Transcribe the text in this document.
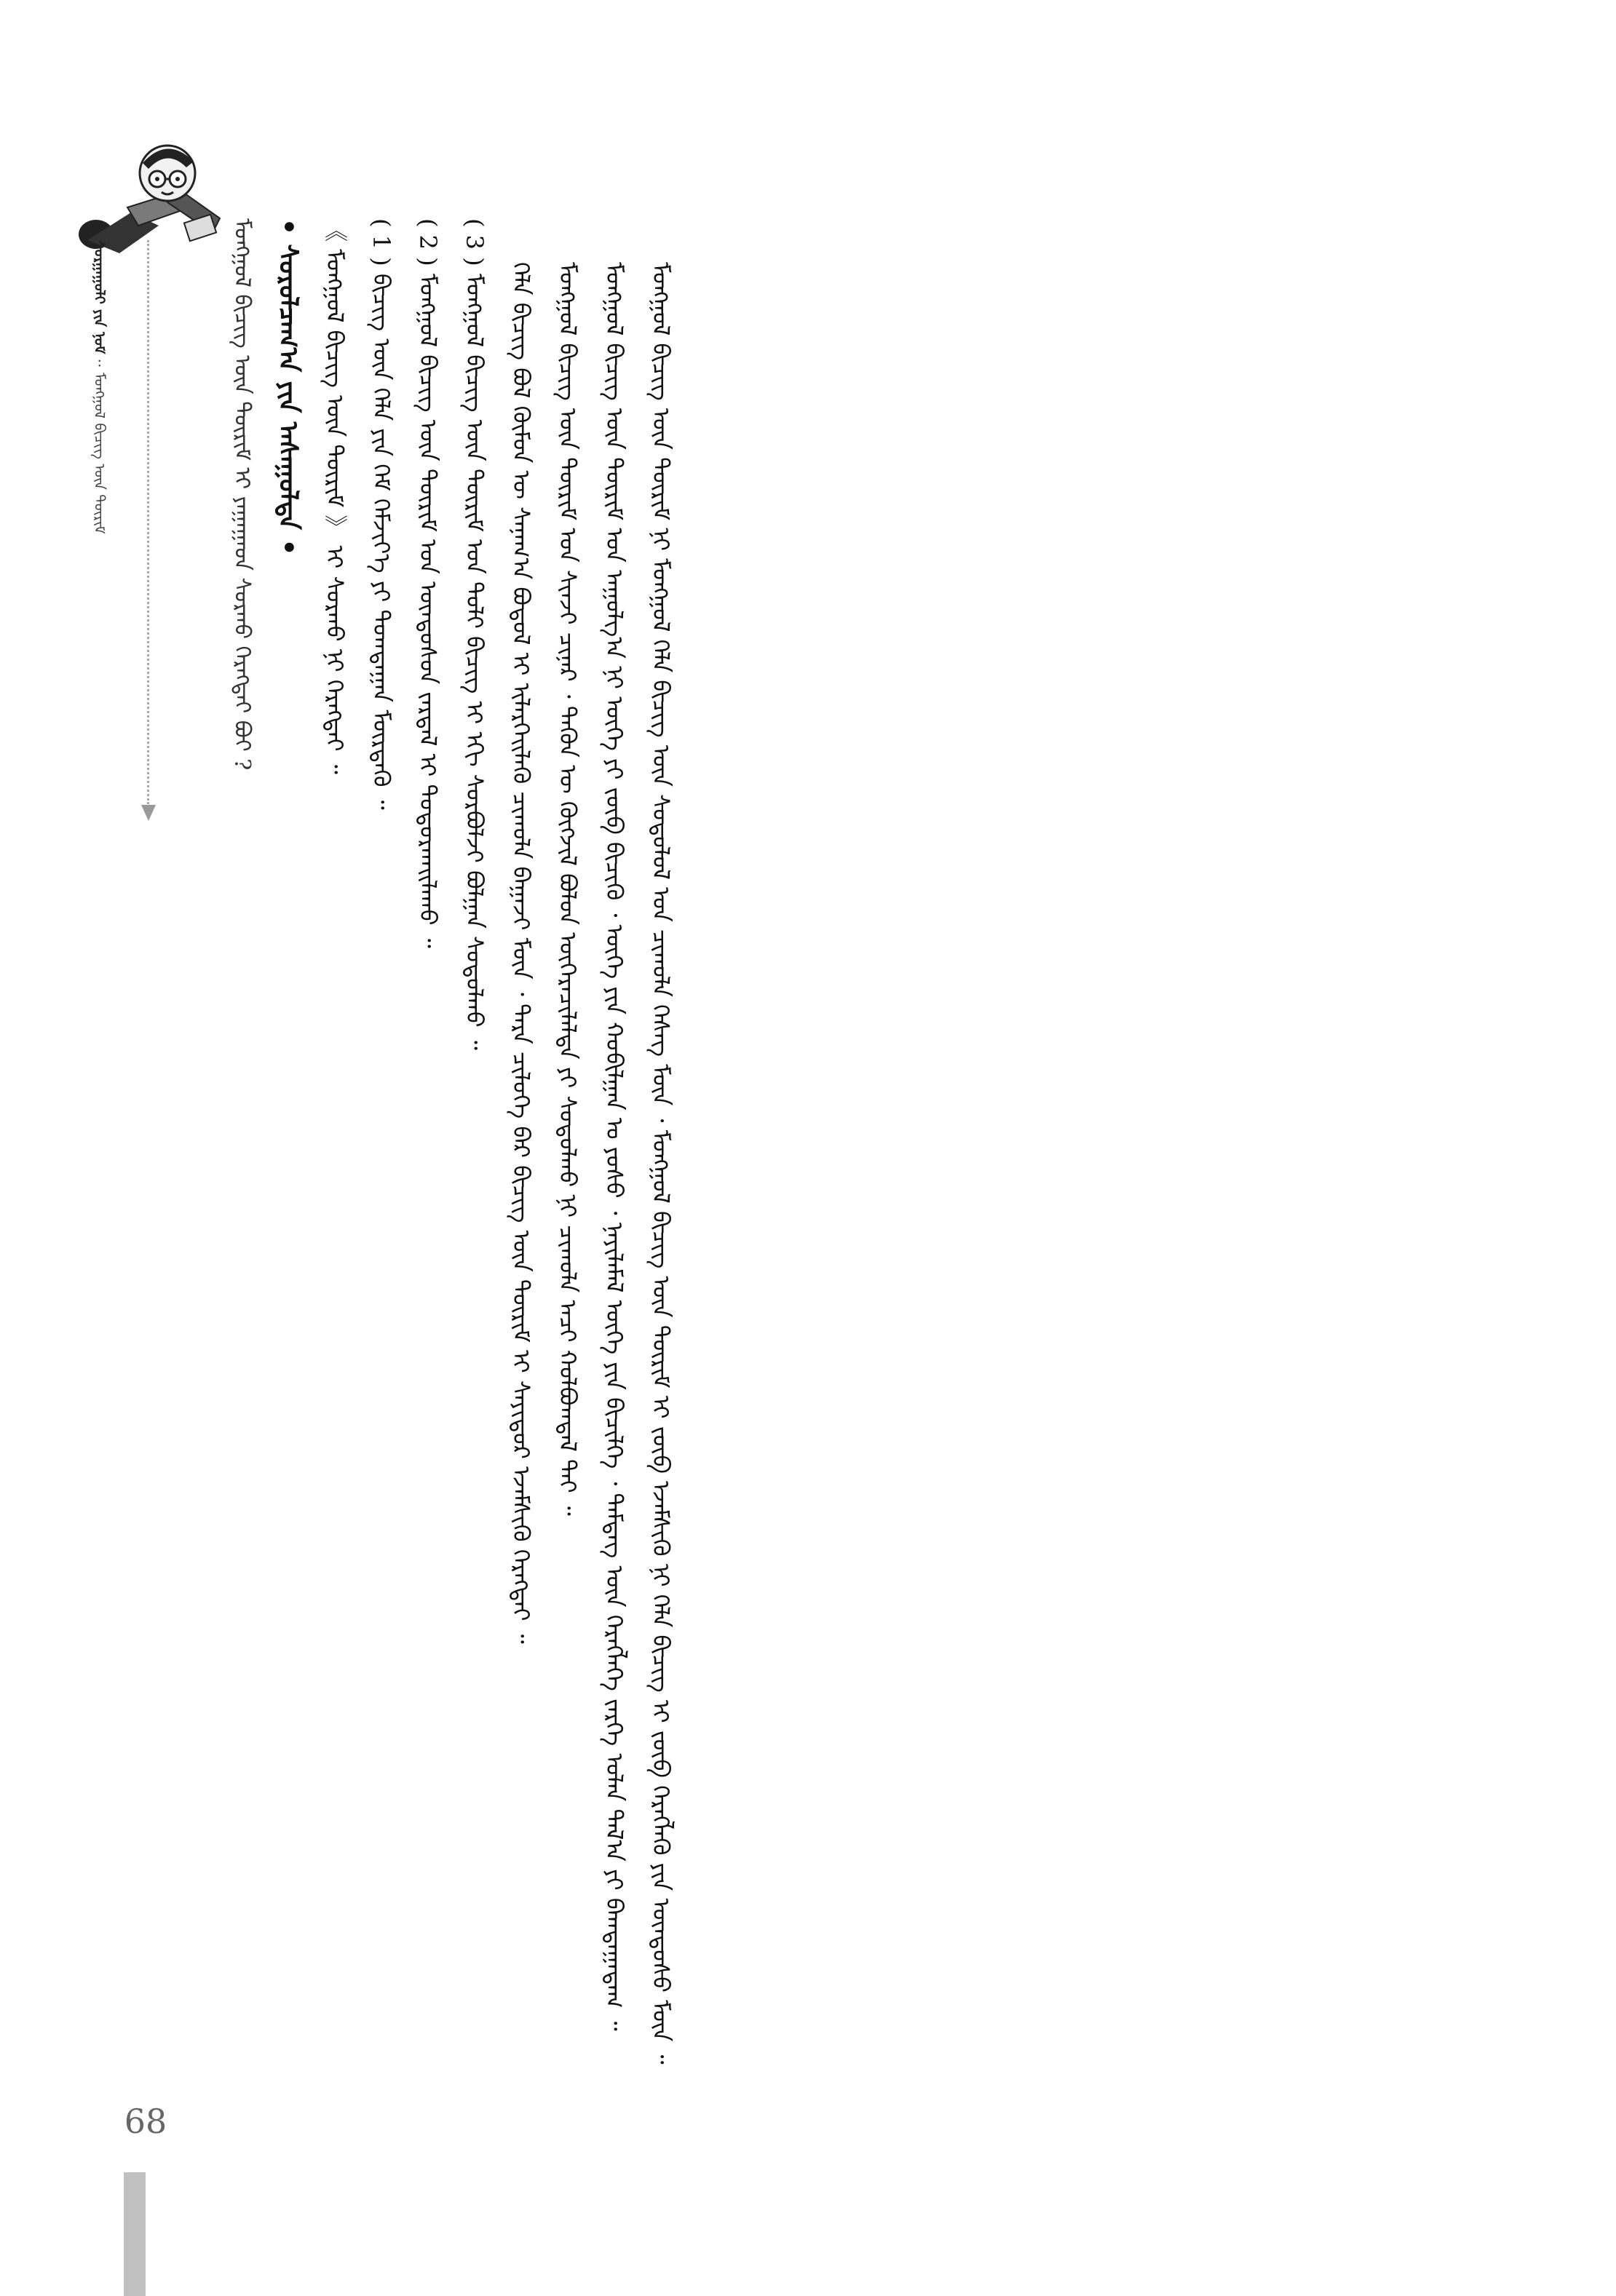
ᠰᠤᠷᠭᠠᠭᠤᠯᠢ ᠶᠢᠨ ᠨᠣᠮ ·· ᠮᠣᠩᠭᠣᠯ ᠪᠢᠴᠢᠭ᠌ ᠦᠨ ᠳᠦᠷᠢᠮ	ᠮᠣᠩᠭᠣᠯ ᠪᠢᠴᠢᠭ᠌ ᠦᠨ ᠳᠦᠷᠢᠮ ᠢ ᠶᠠᠭᠠᠭᠠᠳ ᠰᠤᠷᠬᠤ ᠬᠡᠷᠡᠭᠲᠡᠢ ᠪᠤᠢ ? • ᠰᠤᠷᠤᠯᠴᠠᠭ᠎ᠠ ᠶᠢᠨ ᠠᠰᠠᠭᠤᠯᠲᠠ • 《 ᠮᠣᠩᠭᠣᠯ ᠪᠢᠴᠢᠭ᠌ ᠦᠨ ᠳᠦᠷᠢᠮ 》 ᠢ ᠰᠤᠷᠬᠤ ᠨᠢ ᠬᠡᠷᠡᠭᠲᠡᠢ ᠃ ( 1 ) ᠪᠢᠴᠢᠭ᠌ ᠦᠨ ᠬᠡᠯᠡ ᠶᠢᠨ ᠬᠡᠮ ᠬᠡᠮᠵᠢᠶ᠎ᠡ ᠶᠢ ᠲᠣᠭᠲᠠᠭᠠᠨ ᠮᠥᠷᠳᠡᠬᠦ ᠃ ( 2 ) ᠮᠣᠩᠭᠣᠯ ᠪᠢᠴᠢᠭ᠌ ᠦᠨ ᠳᠦᠷᠢᠮ ᠤᠨ ᠦᠨᠳᠦᠰᠦᠨ ᠵᠠᠷᠳᠠᠯ ᠢ ᠲᠣᠳᠤᠷᠬᠠᠢᠯᠠᠬᠤ ᠃ ( 3 ) ᠮᠣᠩᠭᠣᠯ ᠪᠢᠴᠢᠭ᠌ ᠦᠨ ᠳᠦᠷᠢᠮ ᠤᠨ ᠲᠣᠯᠢ ᠪᠢᠴᠢᠭ᠌ ᠢ ᠡᠬᠢ ᠰᠤᠷᠪᠤᠯᠵᠢ ᠪᠣᠯᠭᠠᠨ ᠰᠤᠳᠤᠯᠬᠤ ᠃ ᠬᠡᠯᠡ ᠪᠢᠴᠢᠭ᠌ ᠪᠣᠯ ᠬᠦᠮᠦᠨ ᠦ ᠰᠠᠨᠠᠭ᠎ᠠ ᠪᠣᠳᠤᠯ ᠢ ᠢᠯᠡᠷᠬᠡᠢᠯᠡᠬᠦ ᠴᠢᠬᠤᠯᠠ ᠪᠠᠭᠠᠵᠢ ᠮᠥᠨ ᠂ ᠲᠡᠷᠡ ᠴᠢᠯᠦᠭᠡ ᠪᠡᠷ ᠪᠢᠴᠢᠭ᠌ ᠦᠨ ᠳᠦᠷᠢᠮ ᠢ ᠰᠠᠶᠢᠲᠤᠷ ᠡᠵᠡᠮᠰᠢᠬᠦ ᠬᠡᠷᠡᠭᠲᠡᠢ ᠃ ᠮᠣᠩᠭᠣᠯ ᠪᠢᠴᠢᠭ᠌ ᠦᠨ ᠳᠦᠷᠢᠮ ᠤᠨ ᠰᠢᠨᠵᠢ ᠴᠢᠨᠠᠷ ᠂ ᠲᠡᠭᠦᠨ ᠦ ᠬᠥᠭᠵᠢᠯ ᠪᠣᠯᠤᠨ ᠥᠭᠡᠷᠡᠴᠢᠯᠡᠯᠲᠡ ᠶᠢ ᠰᠤᠳᠤᠯᠬᠤ ᠨᠢ ᠴᠢᠬᠤᠯᠠ ᠠᠴᠢ ᠬᠣᠯᠪᠤᠭᠳᠠᠯ ᠲᠠᠢ ᠃ ᠮᠣᠩᠭᠣᠯ ᠪᠢᠴᠢᠭ᠌ ᠦᠨ ᠳᠦᠷᠢᠮ ᠤᠨ ᠠᠭᠤᠯᠭ᠎ᠠ ᠨᠢ ᠦᠭᠡ ᠶᠢ ᠵᠥᠪ ᠪᠢᠴᠢᠬᠦ ᠂ ᠦᠭᠡ ᠶᠢᠨ ᠬᠤᠪᠢᠯᠭᠠᠨ ᠤ ᠶᠣᠰᠣ ᠂ ᠨᠡᠶᠢᠯᠡᠮᠡᠯ ᠦᠭᠡ ᠶᠢᠨ ᠪᠢᠴᠢᠯᠭᠡ ᠂ ᠲᠡᠮᠳᠡᠭ ᠦᠨ ᠬᠡᠷᠡᠭᠯᠡᠭᠡ ᠵᠡᠷᠭᠡ ᠣᠯᠠᠨ ᠲᠠᠯ᠎ᠠ ᠶᠢ ᠪᠠᠭᠲᠠᠭᠠᠳᠠᠭ ᠃ ᠮᠣᠩᠭᠣᠯ ᠪᠢᠴᠢᠭ᠌ ᠦᠨ ᠳᠦᠷᠢᠮ ᠨᠢ ᠮᠣᠩᠭᠣᠯ ᠬᠡᠯᠡ ᠪᠢᠴᠢᠭ᠌ ᠦᠨ ᠰᠤᠳᠤᠯᠤᠯ ᠤᠨ ᠴᠢᠬᠤᠯᠠ ᠬᠡᠰᠡᠭ ᠮᠥᠨ ᠂ ᠮᠣᠩᠭᠣᠯ ᠪᠢᠴᠢᠭ᠌ ᠦᠨ ᠳᠦᠷᠢᠮ ᠢ ᠵᠥᠪ ᠡᠵᠡᠮᠰᠢᠬᠦ ᠨᠢ ᠬᠡᠯᠡ ᠪᠢᠴᠢᠭ᠌ ᠢ ᠵᠥᠪ ᠬᠡᠷᠡᠭᠯᠡᠬᠦ ᠶᠢᠨ ᠦᠨᠳᠦᠰᠦ ᠮᠥᠨ ᠃

68
